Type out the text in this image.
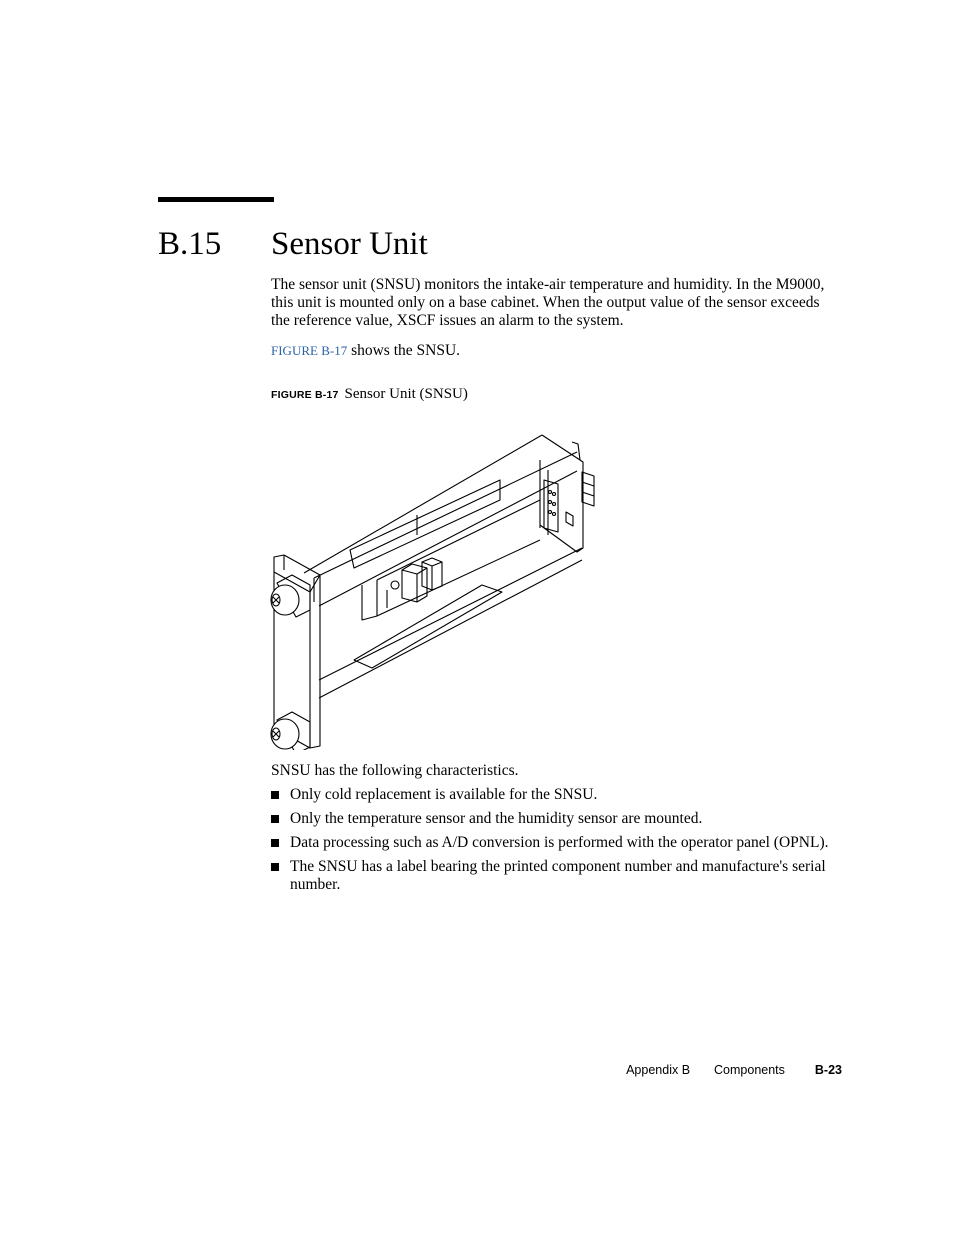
B.15 Sensor Unit
The sensor unit (SNSU) monitors the intake-air temperature and humidity. In the M9000, this unit is mounted only on a base cabinet. When the output value of the sensor exceeds the reference value, XSCF issues an alarm to the system.
FIGURE B-17 shows the SNSU.
FIGURE B-17 Sensor Unit (SNSU)
SNSU has the following characteristics.
Only cold replacement is available for the SNSU.
Only the temperature sensor and the humidity sensor are mounted.
Data processing such as A/D conversion is performed with the operator panel (OPNL).
The SNSU has a label bearing the printed component number and manufacture's serial number.
Appendix B Components B-23
